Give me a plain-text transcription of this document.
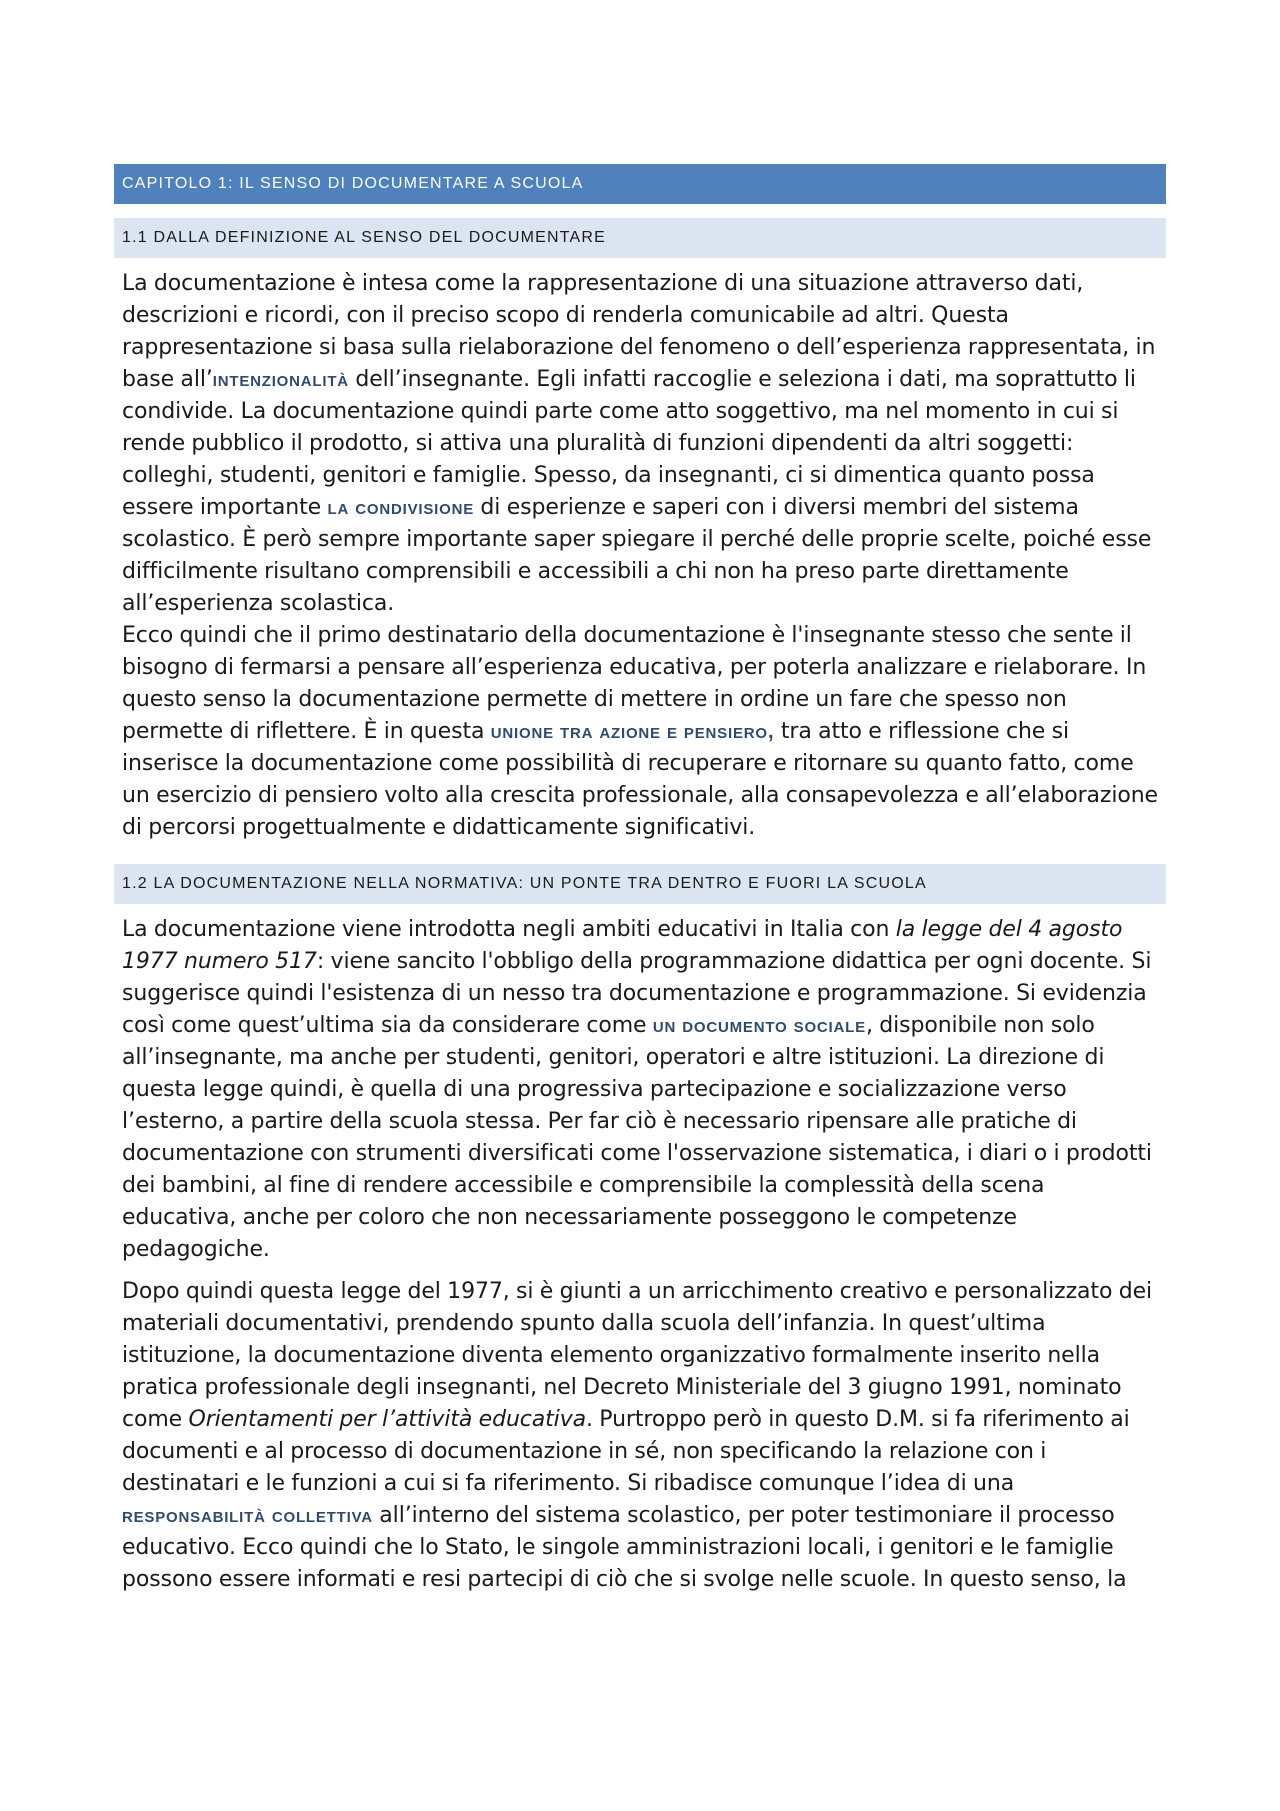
CAPITOLO 1: IL SENSO DI DOCUMENTARE A SCUOLA
1.1 DALLA DEFINIZIONE AL SENSO DEL DOCUMENTARE

La documentazione è intesa come la rappresentazione di una situazione attraverso dati, descrizioni e ricordi, con il preciso scopo di renderla comunicabile ad altri. Questa rappresentazione si basa sulla rielaborazione del fenomeno o dell’esperienza rappresentata, in base all’intenzionalità dell’insegnante. Egli infatti raccoglie e seleziona i dati, ma soprattutto li condivide. La documentazione quindi parte come atto soggettivo, ma nel momento in cui si rende pubblico il prodotto, si attiva una pluralità di funzioni dipendenti da altri soggetti: colleghi, studenti, genitori e famiglie. Spesso, da insegnanti, ci si dimentica quanto possa essere importante la condivisione di esperienze e saperi con i diversi membri del sistema scolastico. È però sempre importante saper spiegare il perché delle proprie scelte, poiché esse difficilmente risultano comprensibili e accessibili a chi non ha preso parte direttamente all’esperienza scolastica.

Ecco quindi che il primo destinatario della documentazione è l'insegnante stesso che sente il bisogno di fermarsi a pensare all’esperienza educativa, per poterla analizzare e rielaborare. In questo senso la documentazione permette di mettere in ordine un fare che spesso non permette di riflettere. È in questa unione tra azione e pensiero, tra atto e riflessione che si inserisce la documentazione come possibilità di recuperare e ritornare su quanto fatto, come un esercizio di pensiero volto alla crescita professionale, alla consapevolezza e all’elaborazione di percorsi progettualmente e didatticamente significativi.

1.2 LA DOCUMENTAZIONE NELLA NORMATIVA: UN PONTE TRA DENTRO E FUORI LA SCUOLA

La documentazione viene introdotta negli ambiti educativi in Italia con la legge del 4 agosto 1977 numero 517: viene sancito l'obbligo della programmazione didattica per ogni docente. Si suggerisce quindi l'esistenza di un nesso tra documentazione e programmazione. Si evidenzia così come quest’ultima sia da considerare come un documento sociale, disponibile non solo all’insegnante, ma anche per studenti, genitori, operatori e altre istituzioni. La direzione di questa legge quindi, è quella di una progressiva partecipazione e socializzazione verso l’esterno, a partire della scuola stessa. Per far ciò è necessario ripensare alle pratiche di documentazione con strumenti diversificati come l'osservazione sistematica, i diari o i prodotti dei bambini, al fine di rendere accessibile e comprensibile la complessità della scena educativa, anche per coloro che non necessariamente posseggono le competenze pedagogiche.

Dopo quindi questa legge del 1977, si è giunti a un arricchimento creativo e personalizzato dei materiali documentativi, prendendo spunto dalla scuola dell’infanzia. In quest’ultima istituzione, la documentazione diventa elemento organizzativo formalmente inserito nella pratica professionale degli insegnanti, nel Decreto Ministeriale del 3 giugno 1991, nominato come Orientamenti per l’attività educativa. Purtroppo però in questo D.M. si fa riferimento ai documenti e al processo di documentazione in sé, non specificando la relazione con i destinatari e le funzioni a cui si fa riferimento. Si ribadisce comunque l’idea di una responsabilità collettiva all’interno del sistema scolastico, per poter testimoniare il processo educativo. Ecco quindi che lo Stato, le singole amministrazioni locali, i genitori e le famiglie possono essere informati e resi partecipi di ciò che si svolge nelle scuole. In questo senso, la
